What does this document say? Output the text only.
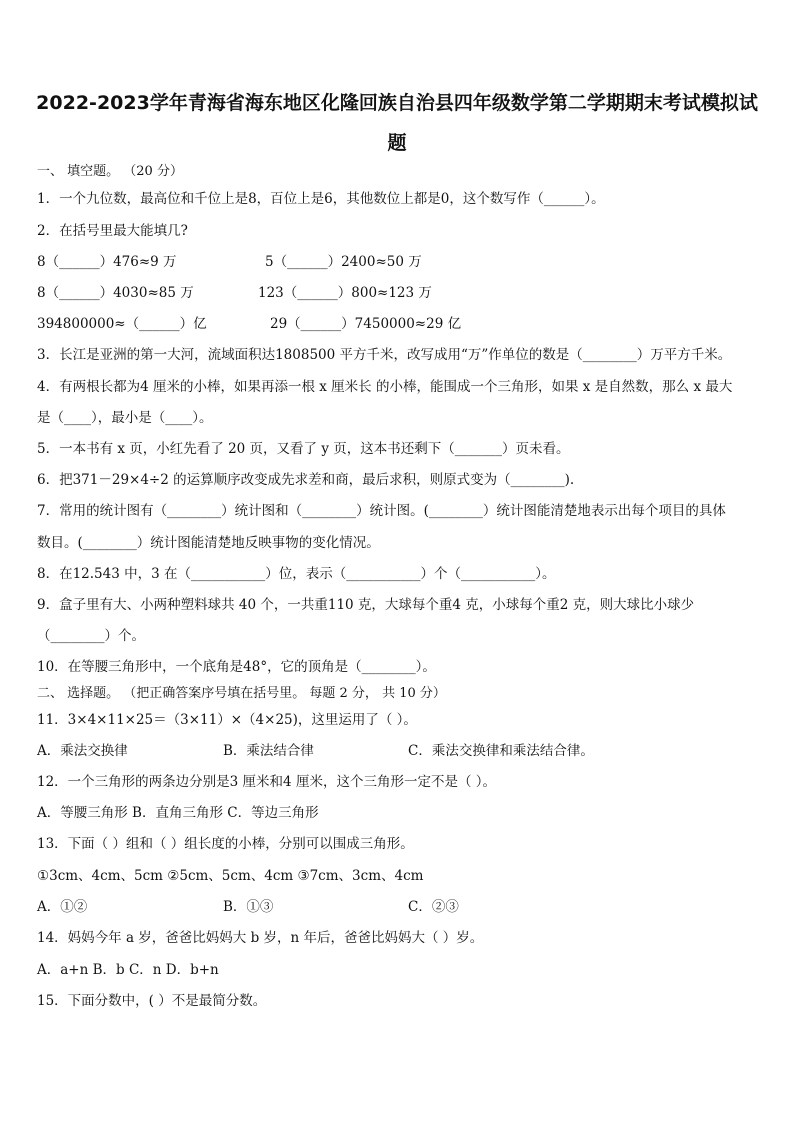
2022-2023学年青海省海东地区化隆回族自治县四年级数学第二学期期末考试模拟试
题
一、 填空题。 （20 分）
1．一个九位数，最高位和千位上是8，百位上是6，其他数位上都是0，这个数写作（______）。
2．在括号里最大能填几?
8（______）476≈9 万	5（______）2400≈50 万
8（______）4030≈85 万	123（______）800≈123 万
394800000≈（______）亿	29（______）7450000≈29 亿
3．长江是亚洲的第一大河，流域面积达1808500 平方千米，改写成用“万”作单位的数是（________）万平方千米。
4．有两根长都为4 厘米的小棒，如果再添一根 x 厘米长 的小棒，能围成一个三角形，如果 x 是自然数，那么 x 最大
是（____），最小是（____）。
5．一本书有 x 页，小红先看了 20 页，又看了 y 页，这本书还剩下（_______）页未看。
6．把371－29×4÷2 的运算顺序改变成先求差和商，最后求积，则原式变为（________).
7．常用的统计图有（________）统计图和（________）统计图。(________）统计图能清楚地表示出每个项目的具体
数目。(________）统计图能清楚地反映事物的变化情况。
8．在12.543 中，3 在（___________）位，表示（___________）个（___________）。
9．盒子里有大、小两种塑料球共 40 个，一共重110 克，大球每个重4 克，小球每个重2 克，则大球比小球少
（________）个。
10．在等腰三角形中，一个底角是48°，它的顶角是（________）。
二、 选择题。 （把正确答案序号填在括号里。 每题 2 分， 共 10 分）
11．3×4×11×25＝（3×11）×（4×25)，这里运用了（ ）。
A．乘法交换律	B．乘法结合律	C．乘法交换律和乘法结合律。
12．一个三角形的两条边分别是3 厘米和4 厘米，这个三角形一定不是（ ）。
A．等腰三角形 B．直角三角形 C．等边三角形
13．下面（ ）组和（ ）组长度的小棒，分别可以围成三角形。
①3cm、4cm、5cm ②5cm、5cm、4cm ③7cm、3cm、4cm
A．①②	B．①③	C．②③
14．妈妈今年 a 岁，爸爸比妈妈大 b 岁，n 年后，爸爸比妈妈大（ ）岁。
A．a+n B．b C．n D．b+n
15．下面分数中，( ）不是最简分数。
